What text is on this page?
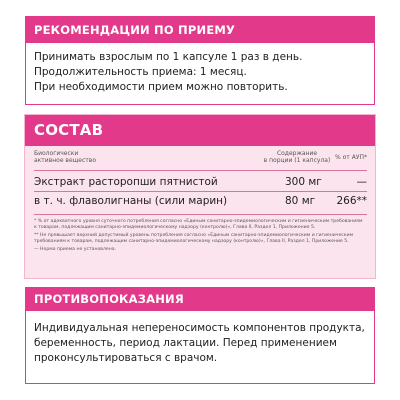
РЕКОМЕНДАЦИИ ПО ПРИЕМУ
Принимать взрослым по 1 капсуле 1 раз в день.
Продолжительность приема: 1 месяц.
При необходимости прием можно повторить.
СОСТАВ
Биологически
активное вещество
Содержание
в порции (1 капсула) % от АУП*
Экстракт расторопши пятнистой	300 мг	—
в т. ч. флаволигнаны (сили марин)	80 мг 266**

* % от адекватного уровня суточного потребления согласно «Единым санитарно-эпидемиологическим и гигиеническим требованиям к товарам, подлежащим санитарно-эпидемиологическому надзору (контролю)», Глава II, Раздел 1, Приложение 5.

** Не превышает верхний допустимый уровень потребления согласно «Единым санитарно-эпидемиологическим и гигиеническим требованиям к товарам, подлежащим санитарно-эпидемиологическому надзору (контролю)», Глава II, Раздел 1, Приложение 5.

— Норма приема не установлена.

ПРОТИВОПОКАЗАНИЯ
Индивидуальная непереносимость компонентов продукта,
беременность, период лактации. Перед применением
проконсультироваться с врачом.
